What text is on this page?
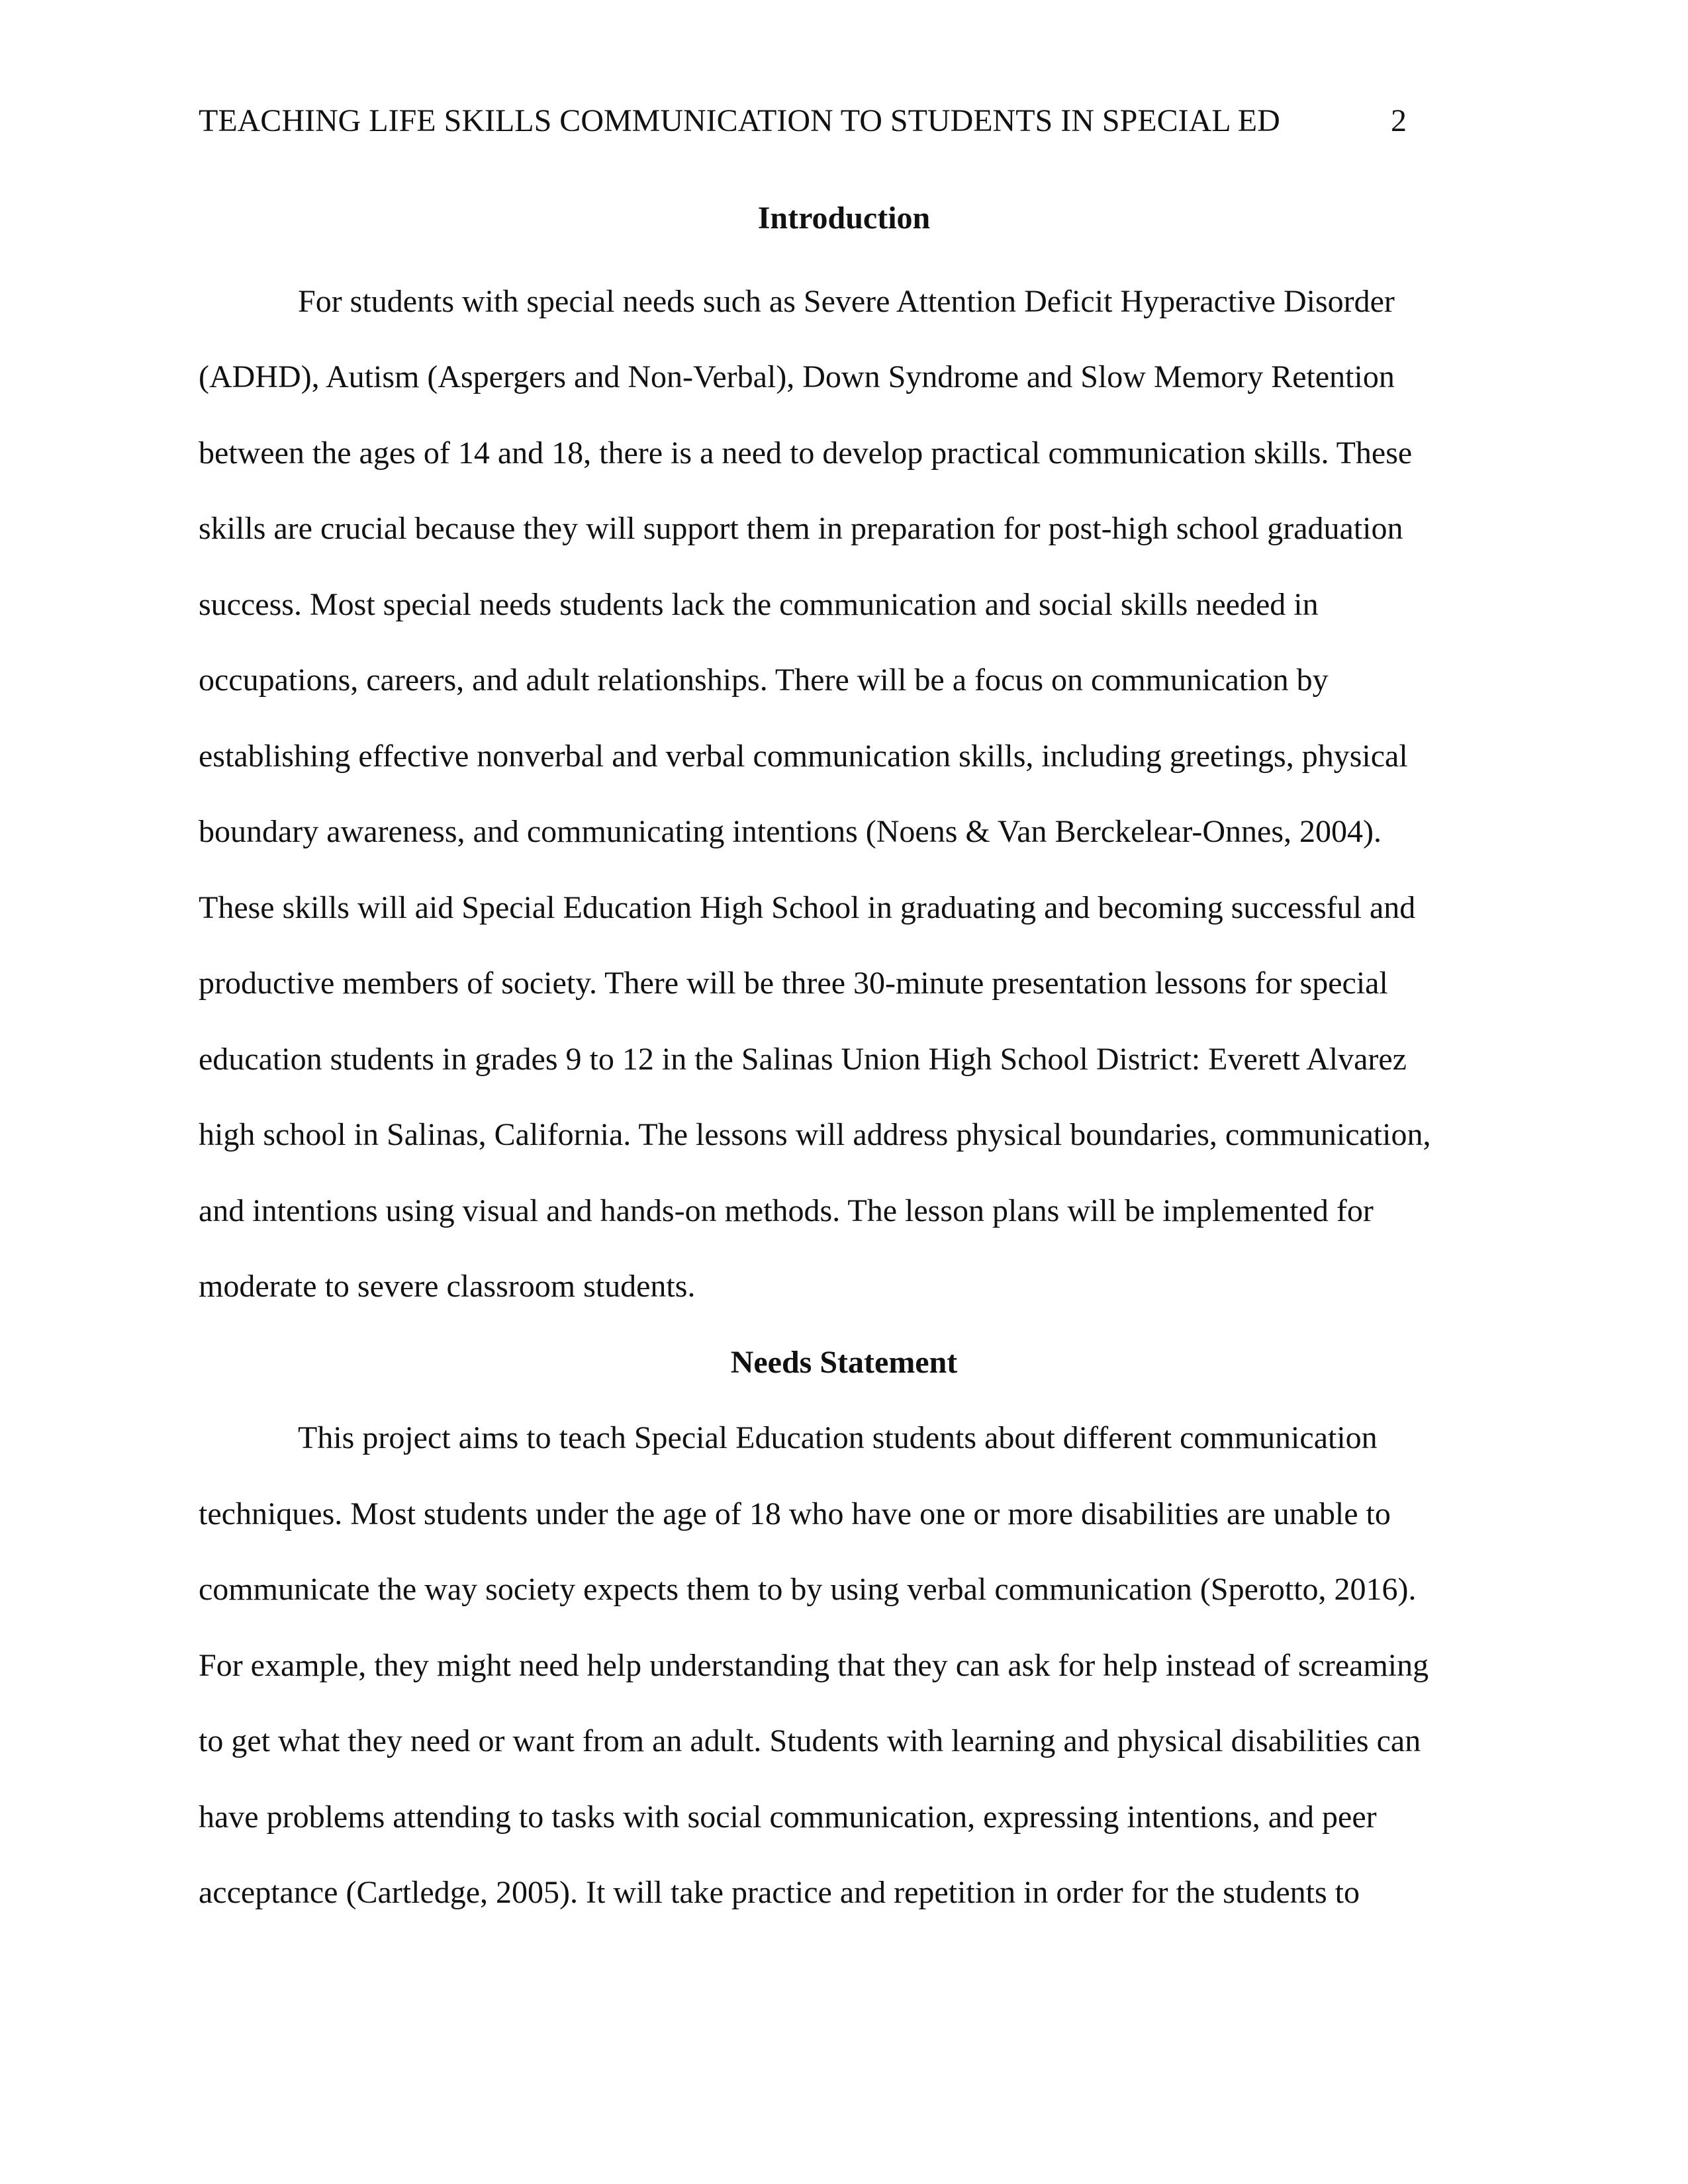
TEACHING LIFE SKILLS COMMUNICATION TO STUDENTS IN SPECIAL ED	2
Introduction
For students with special needs such as Severe Attention Deficit Hyperactive Disorder
(ADHD), Autism (Aspergers and Non-Verbal), Down Syndrome and Slow Memory Retention
between the ages of 14 and 18, there is a need to develop practical communication skills. These
skills are crucial because they will support them in preparation for post-high school graduation
success. Most special needs students lack the communication and social skills needed in
occupations, careers, and adult relationships. There will be a focus on communication by
establishing effective nonverbal and verbal communication skills, including greetings, physical
boundary awareness, and communicating intentions (Noens & Van Berckelear-Onnes, 2004).
These skills will aid Special Education High School in graduating and becoming successful and
productive members of society. There will be three 30-minute presentation lessons for special
education students in grades 9 to 12 in the Salinas Union High School District: Everett Alvarez
high school in Salinas, California. The lessons will address physical boundaries, communication,
and intentions using visual and hands-on methods. The lesson plans will be implemented for
moderate to severe classroom students.
Needs Statement
This project aims to teach Special Education students about different communication
techniques. Most students under the age of 18 who have one or more disabilities are unable to
communicate the way society expects them to by using verbal communication (Sperotto, 2016).
For example, they might need help understanding that they can ask for help instead of screaming
to get what they need or want from an adult. Students with learning and physical disabilities can
have problems attending to tasks with social communication, expressing intentions, and peer
acceptance (Cartledge, 2005). It will take practice and repetition in order for the students to
